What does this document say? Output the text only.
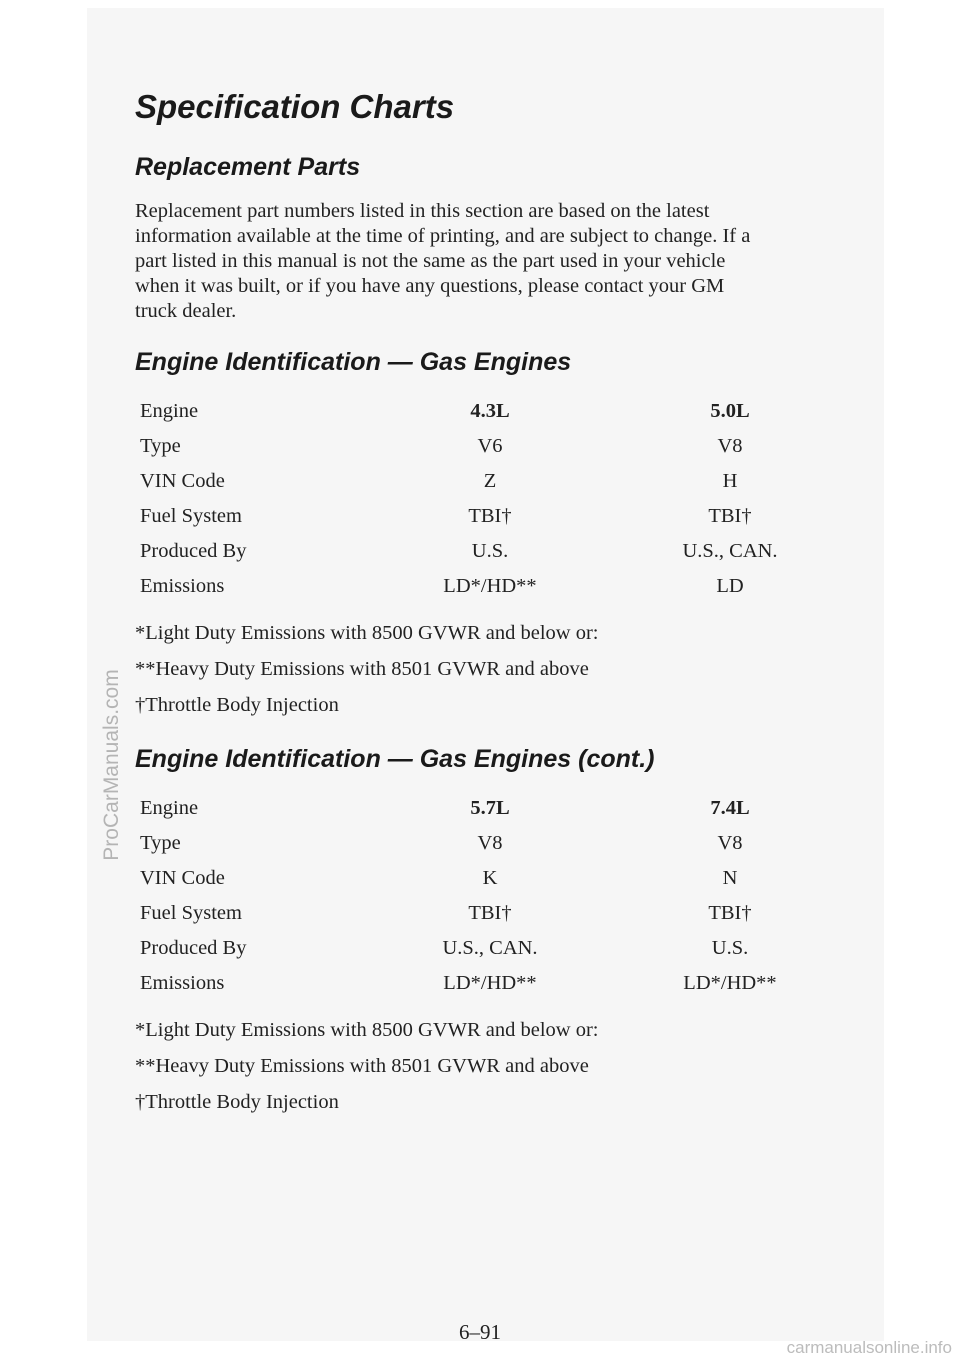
Specification Charts
Replacement Parts
Replacement part numbers listed in this section are based on the latest
information available at the time of printing, and are subject to change. If a
part listed in this manual is not the same as the part used in your vehicle
when it was built, or if you have any questions, please contact your GM
truck dealer.
Engine Identification — Gas Engines
Engine	4.3L	5.0L
Type	V6	V8
VIN Code	Z	H
Fuel System	TBI†	TBI†
Produced By	U.S.	U.S., CAN.
Emissions	LD*/HD**	LD
*Light Duty Emissions with 8500 GVWR and below or:
**Heavy Duty Emissions with 8501 GVWR and above
†Throttle Body Injection
Engine Identification — Gas Engines (cont.)
Engine	5.7L	7.4L
Type	V8	V8
VIN Code	K	N
Fuel System	TBI†	TBI†
Produced By	U.S., CAN.	U.S.
Emissions	LD*/HD**	LD*/HD**
*Light Duty Emissions with 8500 GVWR and below or:
**Heavy Duty Emissions with 8501 GVWR and above
†Throttle Body Injection
6–91
ProCarManuals.com
carmanualsonline.info
